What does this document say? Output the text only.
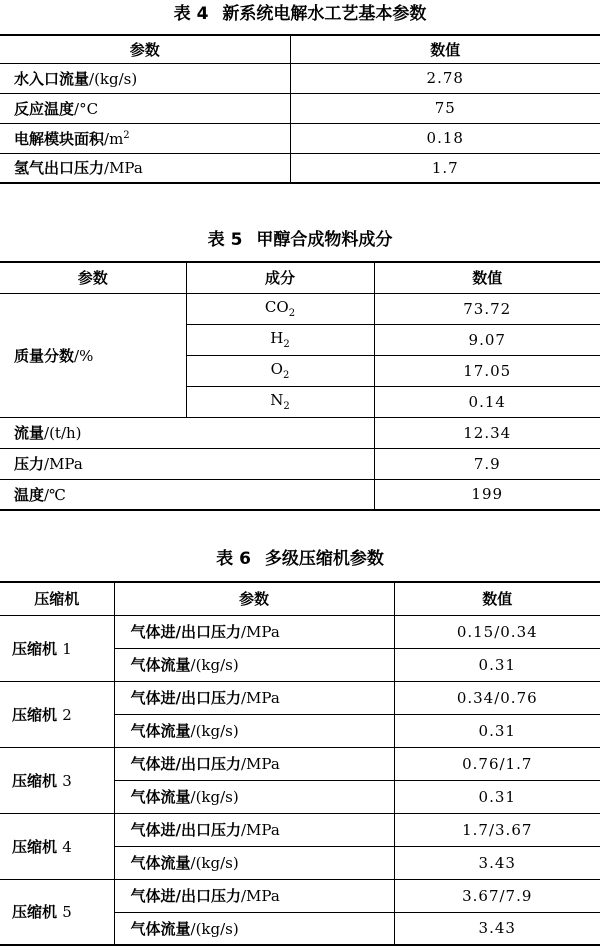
表 4 新系统电解水工艺基本参数
参数	数值
水入口流量/(kg/s)	2.78
反应温度/°C	75
电解模块面积$/m^2$	0.18
氢气出口压力/MPa	1.7
表 5 甲醇合成物料成分
参数	成分	数值
质量分数/%	$CO_2$	73.72
	$H_2$	9.07
	$O_2$	17.05
	$N_2$	0.14
流量/(t/h)		12.34
压力/MPa		7.9
温度/℃		199
表 6 多级压缩机参数
压缩机	参数	数值
压缩机 1	气体进/出口压力/MPa	0.15/0.34
	气体流量/(kg/s)	0.31
压缩机 2	气体进/出口压力/MPa	0.34/0.76
	气体流量/(kg/s)	0.31
压缩机 3	气体进/出口压力/MPa	0.76/1.7
	气体流量/(kg/s)	0.31
压缩机 4	气体进/出口压力/MPa	1.7/3.67
	气体流量/(kg/s)	3.43
压缩机 5	气体进/出口压力/MPa	3.67/7.9
	气体流量/(kg/s)	3.43
